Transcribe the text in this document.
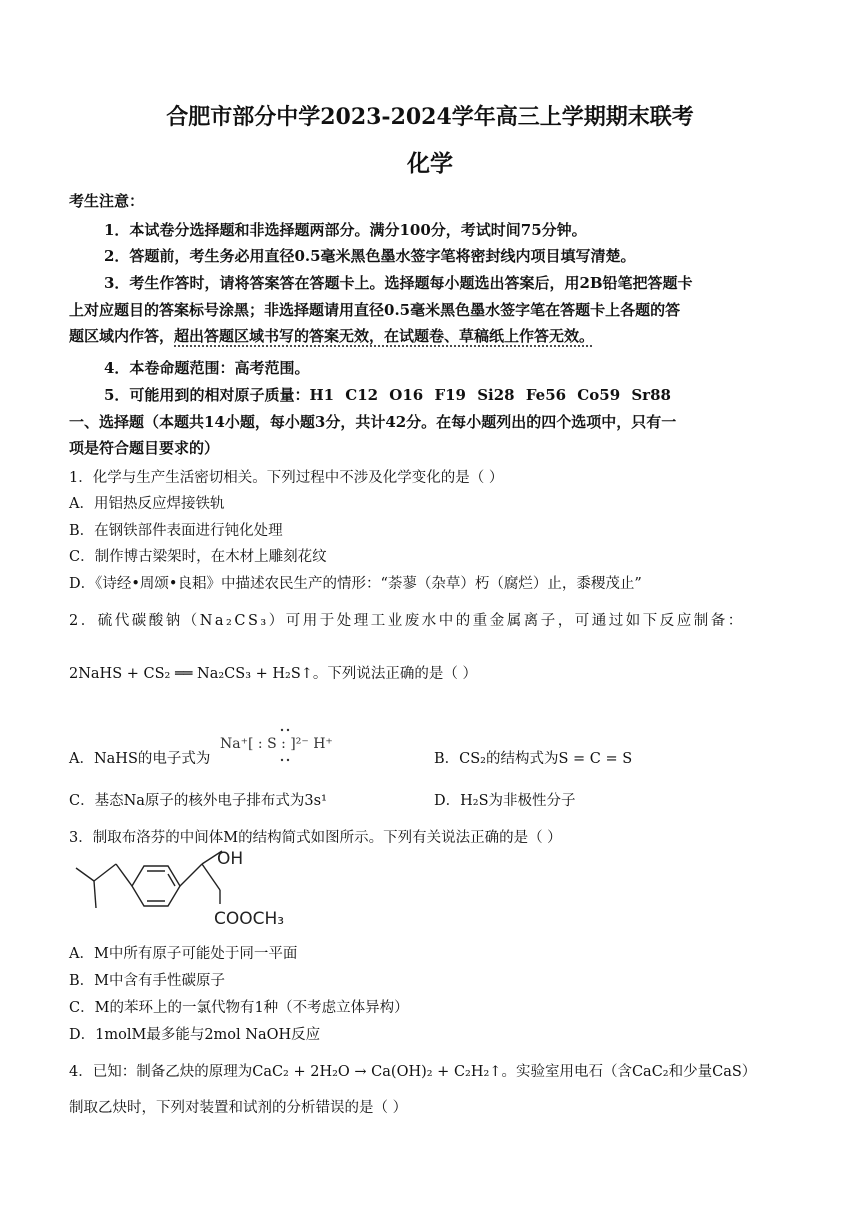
合肥市部分中学2023-2024学年高三上学期期末联考
化学
考生注意：
1．本试卷分选择题和非选择题两部分。满分100分，考试时间75分钟。
2．答题前，考生务必用直径0.5毫米黑色墨水签字笔将密封线内项目填写清楚。
3．考生作答时，请将答案答在答题卡上。选择题每小题选出答案后，用2B铅笔把答题卡
上对应题目的答案标号涂黑；非选择题请用直径0.5毫米黑色墨水签字笔在答题卡上各题的答
题区域内作答，超出答题区域书写的答案无效，在试题卷、草稿纸上作答无效。
4．本卷命题范围：高考范围。
5．可能用到的相对原子质量：H1 C12 O16 F19 Si28 Fe56 Co59 Sr88
一、选择题（本题共14小题，每小题3分，共计42分。在每小题列出的四个选项中，只有一
项是符合题目要求的）
1．化学与生产生活密切相关。下列过程中不涉及化学变化的是（ ）
A．用铝热反应焊接铁轨
B．在钢铁部件表面进行钝化处理
C．制作博古梁架时，在木材上雕刻花纹
D．《诗经•周颂•良耜》中描述农民生产的情形：“荼蓼（杂草）朽（腐烂）止，黍稷茂止”
2．硫代碳酸钠（Na₂CS₃）可用于处理工业废水中的重金属离子，可通过如下反应制备：
2NaHS + CS₂ ══ Na₂CS₃ + H₂S↑。下列说法正确的是（ ）
A．NaHS的电子式为
Na⁺[ : S : ]²⁻ H⁺
B．CS₂的结构式为S = C = S
C．基态Na原子的核外电子排布式为3s¹	D．H₂S为非极性分子
3．制取布洛芬的中间体M的结构简式如图所示。下列有关说法正确的是（ ）
OH
COOCH₃
A．M中所有原子可能处于同一平面
B．M中含有手性碳原子
C．M的苯环上的一氯代物有1种（不考虑立体异构）
D．1molM最多能与2mol NaOH反应
4．已知：制备乙炔的原理为CaC₂ + 2H₂O → Ca(OH)₂ + C₂H₂↑。实验室用电石（含CaC₂和少量CaS）
制取乙炔时，下列对装置和试剂的分析错误的是（ ）
